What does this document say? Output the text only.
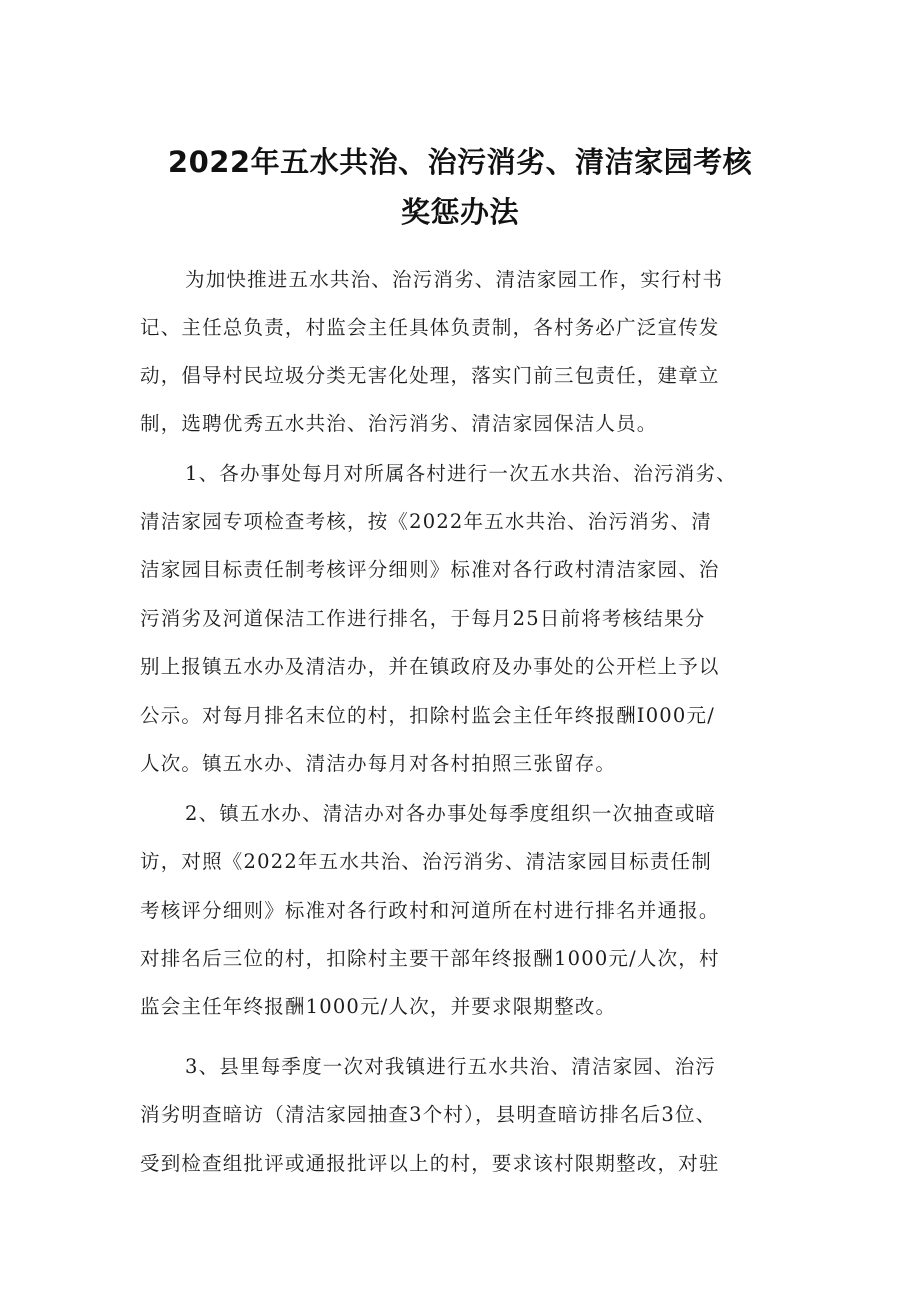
2022年五水共治、治污消劣、清洁家园考核
奖惩办法
为加快推进五水共治、治污消劣、清洁家园工作，实行村书
记、主任总负责，村监会主任具体负责制，各村务必广泛宣传发
动，倡导村民垃圾分类无害化处理，落实门前三包责任，建章立
制，选聘优秀五水共治、治污消劣、清洁家园保洁人员。
1、各办事处每月对所属各村进行一次五水共治、治污消劣、
清洁家园专项检查考核，按《2022年五水共治、治污消劣、清
洁家园目标责任制考核评分细则》标准对各行政村清洁家园、治
污消劣及河道保洁工作进行排名，于每月25日前将考核结果分
别上报镇五水办及清洁办，并在镇政府及办事处的公开栏上予以
公示。对每月排名末位的村，扣除村监会主任年终报酬I000元/
人次。镇五水办、清洁办每月对各村拍照三张留存。
2、镇五水办、清洁办对各办事处每季度组织一次抽查或暗
访，对照《2022年五水共治、治污消劣、清洁家园目标责任制
考核评分细则》标准对各行政村和河道所在村进行排名并通报。
对排名后三位的村，扣除村主要干部年终报酬1000元/人次，村
监会主任年终报酬1000元/人次，并要求限期整改。
3、县里每季度一次对我镇进行五水共治、清洁家园、治污
消劣明查暗访（清洁家园抽查3个村），县明查暗访排名后3位、
受到检查组批评或通报批评以上的村，要求该村限期整改，对驻
